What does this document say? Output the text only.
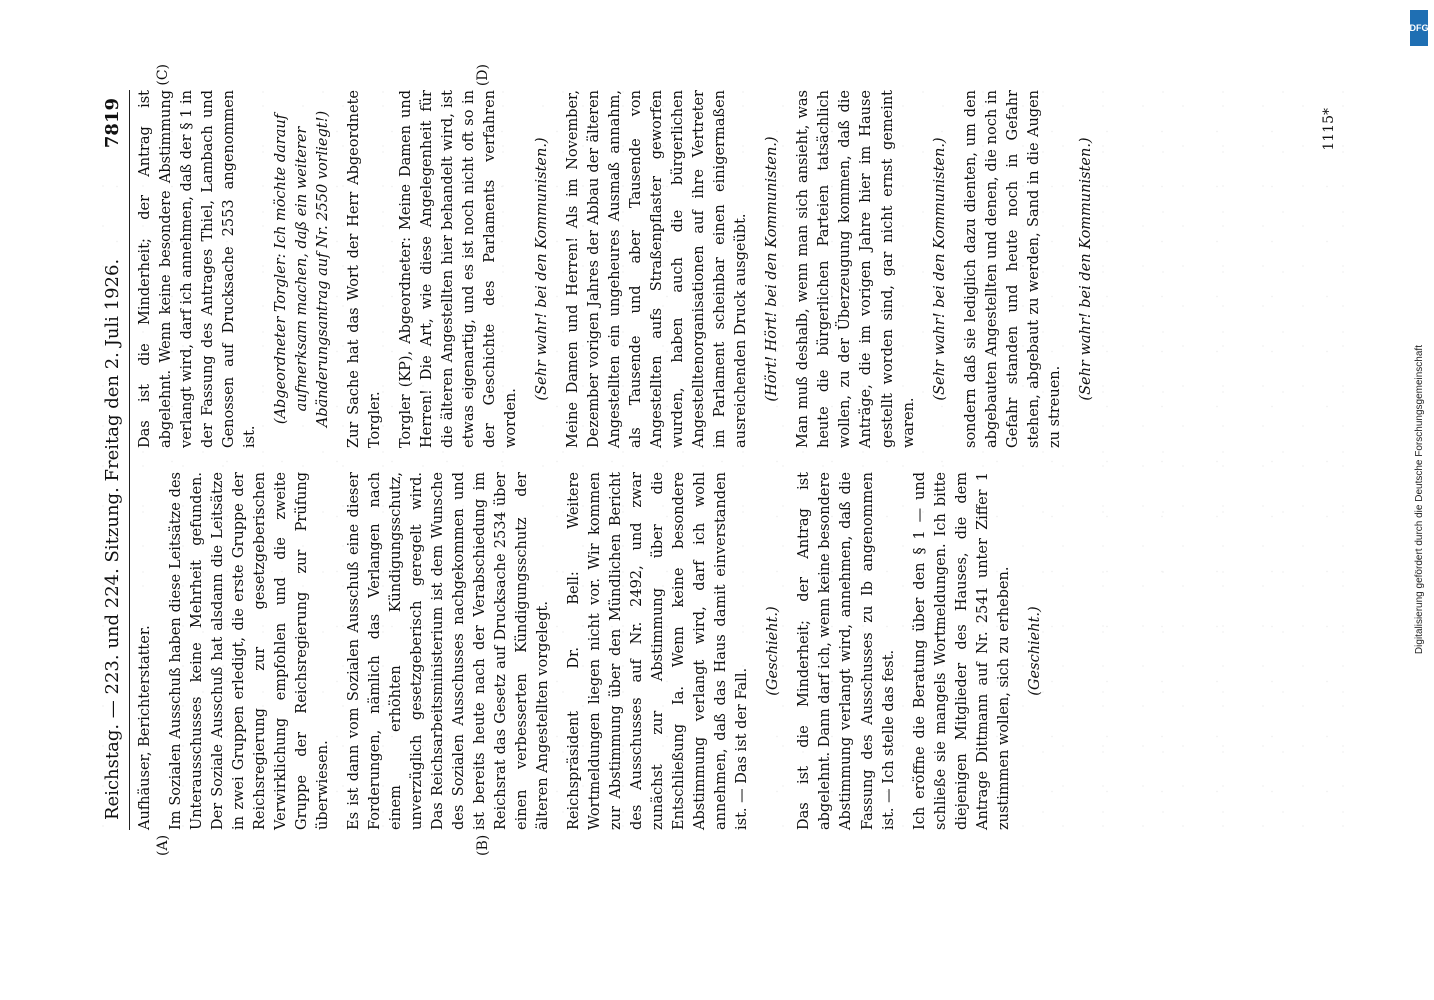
Reichstag. — 223. und 224. Sitzung. Freitag den 2. Juli 1926.
7819
(A)	(B)
(C)	(D)

Aufhäuser, Berichterstatter. Im Sozialen Ausschuß haben diese Leitsätze des Unterausschusses keine Mehrheit gefunden. Der Soziale Ausschuß hat alsdann die Leitsätze in zwei Gruppen erledigt, die erste Gruppe der Reichsregierung zur gesetzgeberischen Verwirklichung empfohlen und die zweite Gruppe der Reichsregierung zur Prüfung überwiesen. Es ist dann vom Sozialen Ausschuß eine dieser Forderungen, nämlich das Verlangen nach einem erhöhten Kündigungsschutz, unverzüglich gesetzgeberisch geregelt wird. Das Reichsarbeitsministerium ist dem Wunsche des Sozialen Ausschusses nachgekommen und ist bereits heute nach der Verabschiedung im Reichsrat das Gesetz auf Drucksache 2534 über einen verbesserten Kündigungsschutz der älteren Angestellten vorgelegt. Reichspräsident Dr. Bell: Weitere Wortmeldungen liegen nicht vor. Wir kommen zur Abstimmung über den Mündlichen Bericht des Ausschusses auf Nr. 2492, und zwar zunächst zur Abstimmung über die Entschließung Ia. Wenn keine besondere Abstimmung verlangt wird, darf ich wohl annehmen, daß das Haus damit einverstanden ist. — Das ist der Fall.

(Geschieht.) Das ist die Minderheit; der Antrag ist abgelehnt. Dann darf ich, wenn keine besondere Abstimmung verlangt wird, annehmen, daß die Fassung des Ausschusses zu Ib angenommen ist. — Ich stelle das fest. Ich eröffne die Beratung über den § 1 — und schließe sie mangels Wortmeldungen. Ich bitte diejenigen Mitglieder des Hauses, die dem Antrage Dittmann auf Nr. 2541 unter Ziffer 1 zustimmen wollen, sich zu erheben. (Geschieht.)

Das ist die Minderheit; der Antrag ist abgelehnt. Wenn keine besondere Abstimmung verlangt wird, darf ich annehmen, daß der § 1 in der Fassung des Antrages Thiel, Lambach und Genossen auf Drucksache 2553 angenommen ist.

(Abgeordneter Torgler: Ich möchte darauf aufmerksam machen, daß ein weiterer Abänderungsantrag auf Nr. 2550 vorliegt!) Zur Sache hat das Wort der Herr Abgeordnete Torgler. Torgler (KP), Abgeordneter: Meine Damen und Herren! Die Art, wie diese Angelegenheit für die älteren Angestellten hier behandelt wird, ist etwas eigenartig, und es ist noch nicht oft so in der Geschichte des Parlaments verfahren worden.

(Sehr wahr! bei den Kommunisten.) Meine Damen und Herren! Als im November, Dezember vorigen Jahres der Abbau der älteren Angestellten ein ungeheures Ausmaß annahm, als Tausende und aber Tausende von Angestellten aufs Straßenpflaster geworfen wurden, haben auch die bürgerlichen Angestelltenorganisationen auf ihre Vertreter im Parlament scheinbar einen einigermaßen ausreichenden Druck ausgeübt. (Hört! Hört! bei den Kommunisten.) Man muß deshalb, wenn man sich ansieht, was heute die bürgerlichen Parteien tatsächlich wollen, zu der Überzeugung kommen, daß die Anträge, die im vorigen Jahre hier im Hause gestellt worden sind, gar nicht ernst gemeint waren.

(Sehr wahr! bei den Kommunisten.) sondern daß sie lediglich dazu dienten, um den abgebauten Angestellten und denen, die noch in Gefahr standen und heute noch in Gefahr stehen, abgebaut zu werden, Sand in die Augen zu streuen.

(Sehr wahr! bei den Kommunisten.)

1115*
DFG
Digitalisierung gefördert durch die Deutsche Forschungsgemeinschaft
